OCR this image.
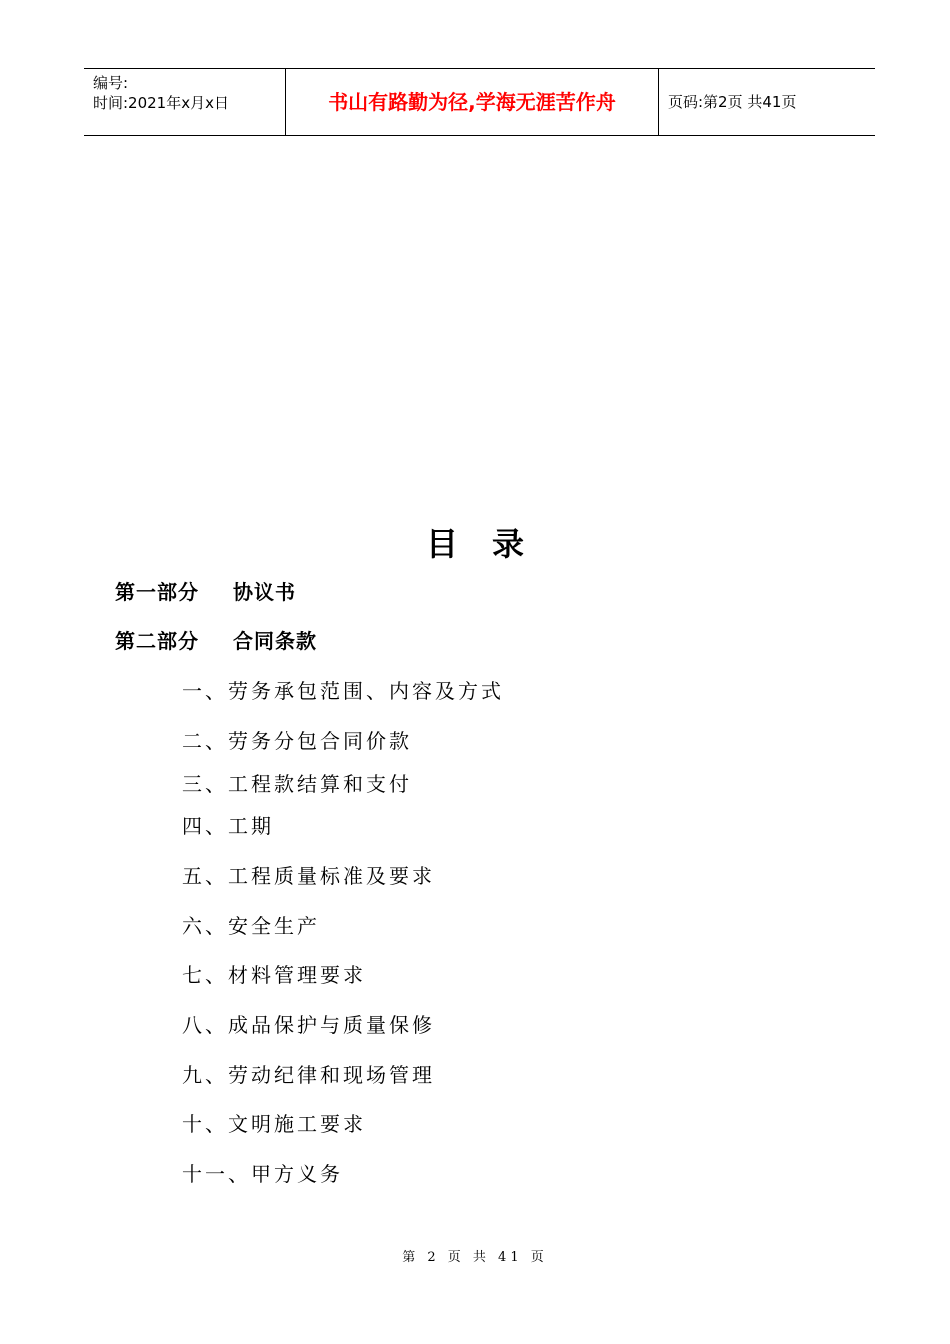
编号:
时间:2021年x月x日	书山有路勤为径,学海无涯苦作舟	页码:第2页 共41页
目录
第一部分 协议书
第二部分 合同条款
一、劳务承包范围、内容及方式
二、劳务分包合同价款
三、工程款结算和支付
四、工期
五、工程质量标准及要求
六、安全生产
七、材料管理要求
八、成品保护与质量保修
九、劳动纪律和现场管理
十、文明施工要求
十一、甲方义务
第 2 页 共 41 页
